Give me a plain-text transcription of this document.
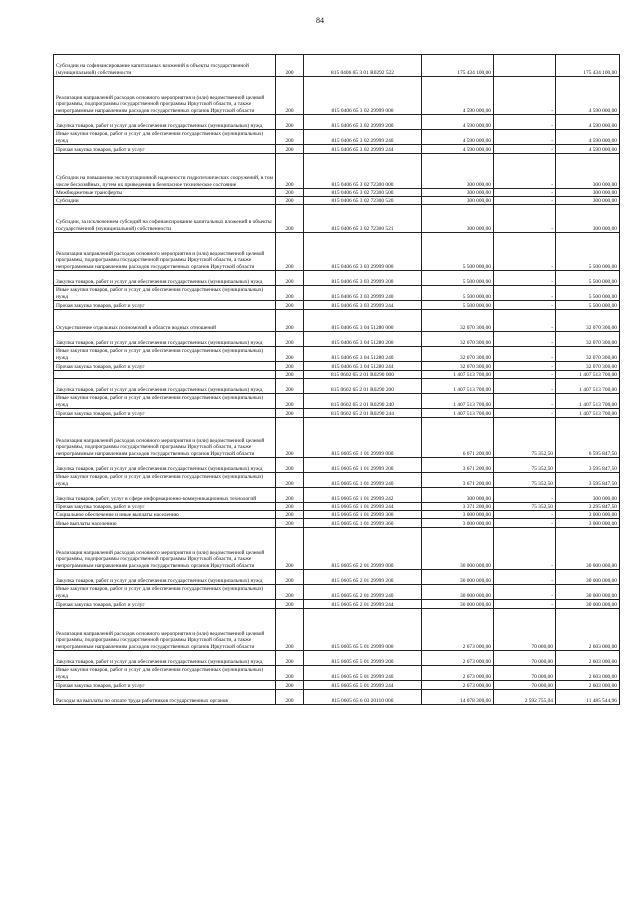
84
Субсидии на софинансирование капитальных вложений в объекты государственной (муниципальной) собственности	200	815 0406 65 3 01 R0292 522	175 434 100,00		175 434 100,00
Реализация направлений расходов основного мероприятия и (или) ведомственной целевой программы, подпрограммы государственной программы Иркутской области, а также непрограммным направлениям расходов государственных органов Иркутской области	200	815 0406 65 3 02 29999 000	4 590 000,00	-	4 590 000,00
Закупка товаров, работ и услуг для обеспечения государственных (муниципальных) нужд	200	815 0406 65 3 02 29999 200	4 590 000,00	-	4 590 000,00
Иные закупки товаров, работ и услуг для обеспечения государственных (муниципальных) нужд	200	815 0406 65 3 02 29999 240	4 590 000,00	-	4 590 000,00
Прочая закупка товаров, работ и услуг	200	815 0406 65 3 02 29999 244	4 590 000,00	-	4 590 000,00
Субсидии на повышение эксплуатационной надежности гидротехнических сооружений, в том числе бесхозяйных, путем их приведения в безопасное техническое состояние	200	815 0406 65 3 02 72300 000	300 000,00	-	300 000,00
Межбюджетные трансферты	200	815 0406 65 3 02 72300 500	300 000,00	-	300 000,00
Субсидии	200	815 0406 65 3 02 72300 520	300 000,00	-	300 000,00
Субсидии, за исключением субсидий на софинансирование капитальных вложений в объекты государственной (муниципальной) собственности	200	815 0406 65 3 02 72300 521	300 000,00	-	300 000,00
Реализация направлений расходов основного мероприятия и (или) ведомственной целевой программы, подпрограммы государственной программы Иркутской области, а также непрограммным направлениям расходов государственных органов Иркутской области	200	815 0406 65 3 03 29999 000	5 500 000,00	-	5 500 000,00
Закупка товаров, работ и услуг для обеспечения государственных (муниципальных) нужд	200	815 0406 65 3 03 29999 200	5 500 000,00	-	5 500 000,00
Иные закупки товаров, работ и услуг для обеспечения государственных (муниципальных) нужд	200	815 0406 65 3 03 29999 240	5 500 000,00	-	5 500 000,00
Прочая закупка товаров, работ и услуг	200	815 0406 65 3 03 29999 244	5 500 000,00	-	5 500 000,00
Осуществление отдельных полномочий в области водных отношений	200	815 0406 65 3 04 51280 000	32 070 300,00	-	32 070 300,00
Закупка товаров, работ и услуг для обеспечения государственных (муниципальных) нужд	200	815 0406 65 3 04 51280 200	32 070 300,00	-	32 070 300,00
Иные закупки товаров, работ и услуг для обеспечения государственных (муниципальных) нужд	200	815 0406 65 3 04 51280 240	32 070 300,00	-	32 070 300,00
Прочая закупка товаров, работ и услуг	200	815 0406 65 3 04 51280 244	32 070 300,00	-	32 070 300,00
	200	815 0602 65 2 01 R0290 000	1 407 513 700,00	-	1 407 513 700,00
Закупка товаров, работ и услуг для обеспечения государственных (муниципальных) нужд	200	815 0602 65 2 01 R0290 200	1 407 513 700,00	-	1 407 513 700,00
Иные закупки товаров, работ и услуг для обеспечения государственных (муниципальных) нужд	200	815 0602 65 2 01 R0290 240	1 407 513 700,00	-	1 407 513 700,00
Прочая закупка товаров, работ и услуг	200	815 0602 65 2 01 R0290 244	1 407 513 700,00	-	1 407 513 700,00
Реализация направлений расходов основного мероприятия и (или) ведомственной целевой программы, подпрограммы государственной программы Иркутской области, а также непрограммным направлениям расходов государственных органов Иркутской области	200	815 0605 65 1 01 29999 000	6 671 200,00	75 352,50	6 595 847,50
Закупка товаров, работ и услуг для обеспечения государственных (муниципальных) нужд	200	815 0605 65 1 01 29999 200	3 671 200,00	75 352,50	3 595 847,50
Иные закупки товаров, работ и услуг для обеспечения государственных (муниципальных) нужд	200	815 0605 65 1 01 29999 240	3 671 200,00	75 352,50	3 595 847,50
Закупка товаров, работ, услуг в сфере информационно-коммуникационных технологий	200	815 0605 65 1 01 29999 242	300 000,00	-	300 000,00
Прочая закупка товаров, работ и услуг	200	815 0605 65 1 01 29999 244	3 371 200,00	75 352,50	3 295 847,50
Социальное обеспечение и иные выплаты населению	200	815 0605 65 1 01 29999 300	3 000 000,00	-	3 000 000,00
Иные выплаты населению	200	815 0605 65 1 01 29999 360	3 000 000,00	-	3 000 000,00
Реализация направлений расходов основного мероприятия и (или) ведомственной целевой программы, подпрограммы государственной программы Иркутской области, а также непрограммным направлениям расходов государственных органов Иркутской области	200	815 0605 65 2 01 29999 000	30 000 000,00	-	30 000 000,00
Закупка товаров, работ и услуг для обеспечения государственных (муниципальных) нужд	200	815 0605 65 2 01 29999 200	30 000 000,00	-	30 000 000,00
Иные закупки товаров, работ и услуг для обеспечения государственных (муниципальных) нужд	200	815 0605 65 2 01 29999 240	30 000 000,00	-	30 000 000,00
Прочая закупка товаров, работ и услуг	200	815 0605 65 2 01 29999 244	30 000 000,00	-	30 000 000,00
Реализация направлений расходов основного мероприятия и (или) ведомственной целевой программы, подпрограммы государственной программы Иркутской области, а также непрограммным направлениям расходов государственных органов Иркутской области	200	815 0605 65 5 01 29999 000	2 673 000,00	70 000,00	2 603 000,00
Закупка товаров, работ и услуг для обеспечения государственных (муниципальных) нужд	200	815 0605 65 5 01 29999 200	2 673 000,00	70 000,00	2 603 000,00
Иные закупки товаров, работ и услуг для обеспечения государственных (муниципальных) нужд	200	815 0605 65 5 01 29999 240	2 673 000,00	70 000,00	2 603 000,00
Прочая закупка товаров, работ и услуг	200	815 0605 65 5 01 29999 244	2 673 000,00	70 000,00	2 603 000,00
Расходы на выплаты по оплате труда работников государственных органов	200	815 0605 65 6 03 20110 000	14 078 300,00	2 592 755,04	11 485 544,96
